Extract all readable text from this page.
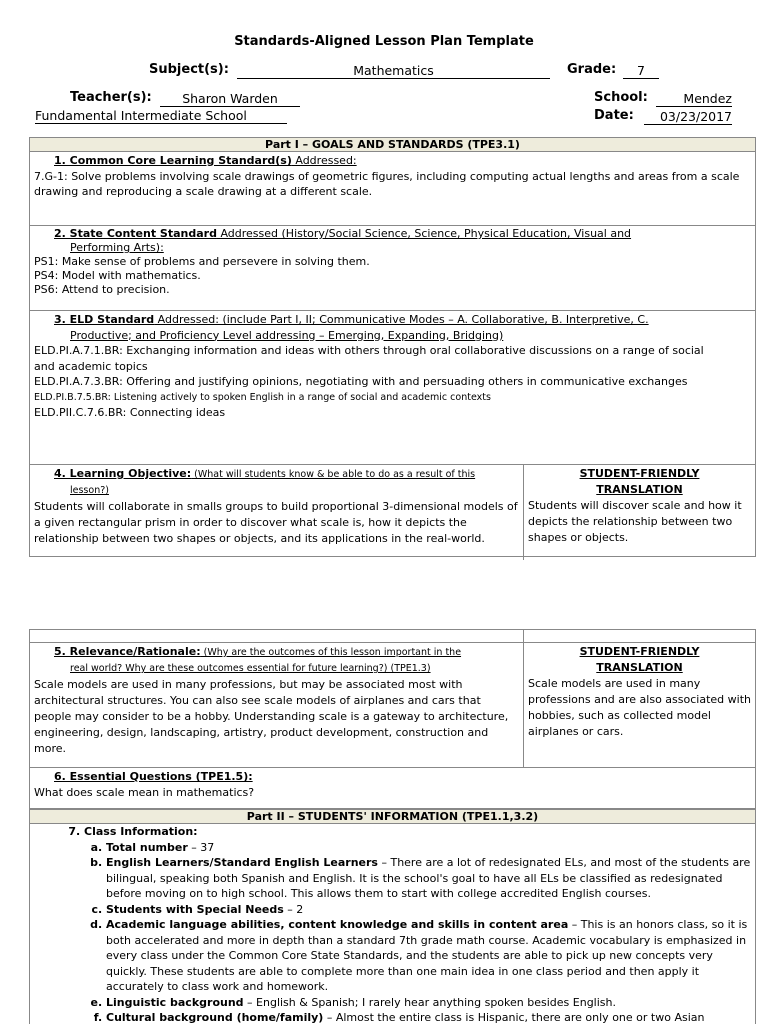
Standards-Aligned Lesson Plan Template
Subject(s):	Mathematics	Grade:	7
Teacher(s):	Sharon Warden	School:	Mendez
Fundamental Intermediate School	Date:	03/23/2017
Part I – GOALS AND STANDARDS (TPE3.1)
1. Common Core Learning Standard(s) Addressed:
7.G-1: Solve problems involving scale drawings of geometric figures, including computing actual lengths and areas from a scale
drawing and reproducing a scale drawing at a different scale.
2. State Content Standard Addressed (History/Social Science, Science, Physical Education, Visual and
Performing Arts):
PS1: Make sense of problems and persevere in solving them.
PS4: Model with mathematics.
PS6: Attend to precision.
3. ELD Standard Addressed: (include Part I, II; Communicative Modes – A. Collaborative, B. Interpretive, C.
Productive; and Proficiency Level addressing – Emerging, Expanding, Bridging)
ELD.PI.A.7.1.BR: Exchanging information and ideas with others through oral collaborative discussions on a range of social
and academic topics
ELD.PI.A.7.3.BR: Offering and justifying opinions, negotiating with and persuading others in communicative exchanges
ELD.PI.B.7.5.BR: Listening actively to spoken English in a range of social and academic contexts
ELD.PII.C.7.6.BR: Connecting ideas
4. Learning Objective: (What will students know & be able to do as a result of this
lesson?)
Students will collaborate in smalls groups to build proportional 3-dimensional models of a given rectangular prism in order to discover what scale is, how it depicts the relationship between two shapes or objects, and its applications in the real-world.
STUDENT-FRIENDLY
TRANSLATION
Students will discover scale and how it depicts the relationship between two shapes or objects.
5. Relevance/Rationale: (Why are the outcomes of this lesson important in the
real world? Why are these outcomes essential for future learning?) (TPE1.3)
Scale models are used in many professions, but may be associated most with architectural structures. You can also see scale models of airplanes and cars that people may consider to be a hobby. Understanding scale is a gateway to architecture, engineering, design, landscaping, artistry, product development, construction and more.
STUDENT-FRIENDLY
TRANSLATION
Scale models are used in many professions and are also associated with hobbies, such as collected model airplanes or cars.
6. Essential Questions (TPE1.5):
What does scale mean in mathematics?
Part II – STUDENTS' INFORMATION (TPE1.1,3.2)
7. Class Information:
a. Total number – 37
b. English Learners/Standard English Learners – There are a lot of redesignated ELs, and most of the students are bilingual, speaking both Spanish and English. It is the school's goal to have all ELs be classified as redesignated before moving on to high school. This allows them to start with college accredited English courses.
c. Students with Special Needs – 2
d. Academic language abilities, content knowledge and skills in content area – This is an honors class, so it is both accelerated and more in depth than a standard 7th grade math course. Academic vocabulary is emphasized in every class under the Common Core State Standards, and the students are able to pick up new concepts very quickly. These students are able to complete more than one main idea in one class period and then apply it accurately to class work and homework.
e. Linguistic background – English & Spanish; I rarely hear anything spoken besides English.
f. Cultural background (home/family) – Almost the entire class is Hispanic, there are only one or two Asian
